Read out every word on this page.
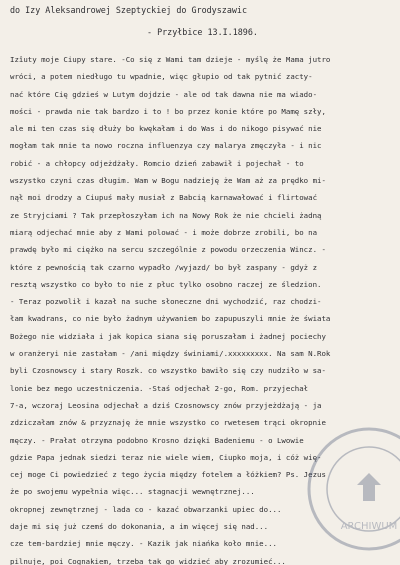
do Izy Aleksandrowej Szeptyckiej do Grodyszawic
- Przyłbice 13.I.1896.
Izîuty moje Ciupy stare. -Co się z Wami tam dzieje - myślę że Mama jutro
wróci, a potem niedługo tu wpadnie, więc głupio od tak pytnić zacty-
nać które Cię gdzieś w Lutym dojdzie - ale od tak dawna nie ma wiado-
mości - prawda nie tak bardzo i to ! bo przez konie które po Mamę szły,
ale mi ten czas się dłuży bo kwękałam i do Was i do nikogo pisywać nie
mogłam tak mnie ta nowo roczna influenzyа czy malarya zmęczyła - i nic
robić - a chłopcy odjeżdżały. Romcio dzień zabawił i pojechał - to
wszystko czyni czas długim. Wam w Bogu nadzieję że Wam aż za prędko mi-
nął moi drodzy a Ciupuś mały musiał z Babcią karnawałować i flirtować
ze Stryjciami ? Tak przepłoszyłam ich na Nowy Rok że nie chcieli żadną
miarą odjechać mnie aby z Wami polować - i może dobrze zrobili, bo na
prawdę było mi ciężko na sercu szczególnie z powodu orzeczenia Wincz. -
które z pewnością tak czarno wypadło /wyjazd/ bo był zaspany - gdyż z
resztą wszystko co było to nie z płuc tylko osobno raczej ze śledzion.
- Teraz pozwolił i kazał na suche słoneczne dni wychodzić, raz chodzi-
łam kwadrans, co nie było żadnym używaniem bo zapupuszyli mnie że świata
Bożego nie widziała i jak kopica siana się poruszałam i żadnej pociechy
w oranżeryi nie zastałam - /ani między świniami/.xxxxxxxxx. Na sam N.Rok
byli Czosnowscy i stary Roszk. co wszystko bawiło się czy nudziło w sa-
lonie bez mego uczestniczenia. -Staś odjechał 2-go, Rom. przyjechał
7-a, wczoraj Leosina odjechał a dziś Czosnowscy znów przyjeżdżają - ja
zdziczałam znów & przyznaję że mnie wszystko co rwetesem trąci okropnie
męczy. - Prałat otrzyma podobno Krosno dzięki Badeniemu - o Lwowie
gdzie Papa jednak siedzi teraz nie wiele wiem, Ciupko moja, i cóż wię-
cej moge Ci powiedzieć z tego życia między fotelem a łóżkiem? Ps. Jezus
że po swojemu wypełnia więc... stagnacji wewnętrznej...
okropnej zewnętrznej - lada co - kazać obwarzanki upiec do...
daje mi się już czemś do dokonania, a im więcej się nad...
cze tem-bardziej mnie męczy. - Kazik jak niańka koło mnie...
pilnuje, poi Cognakiem, trzeba tak go widzieć aby zrozumieć...
ARCHIWUM
